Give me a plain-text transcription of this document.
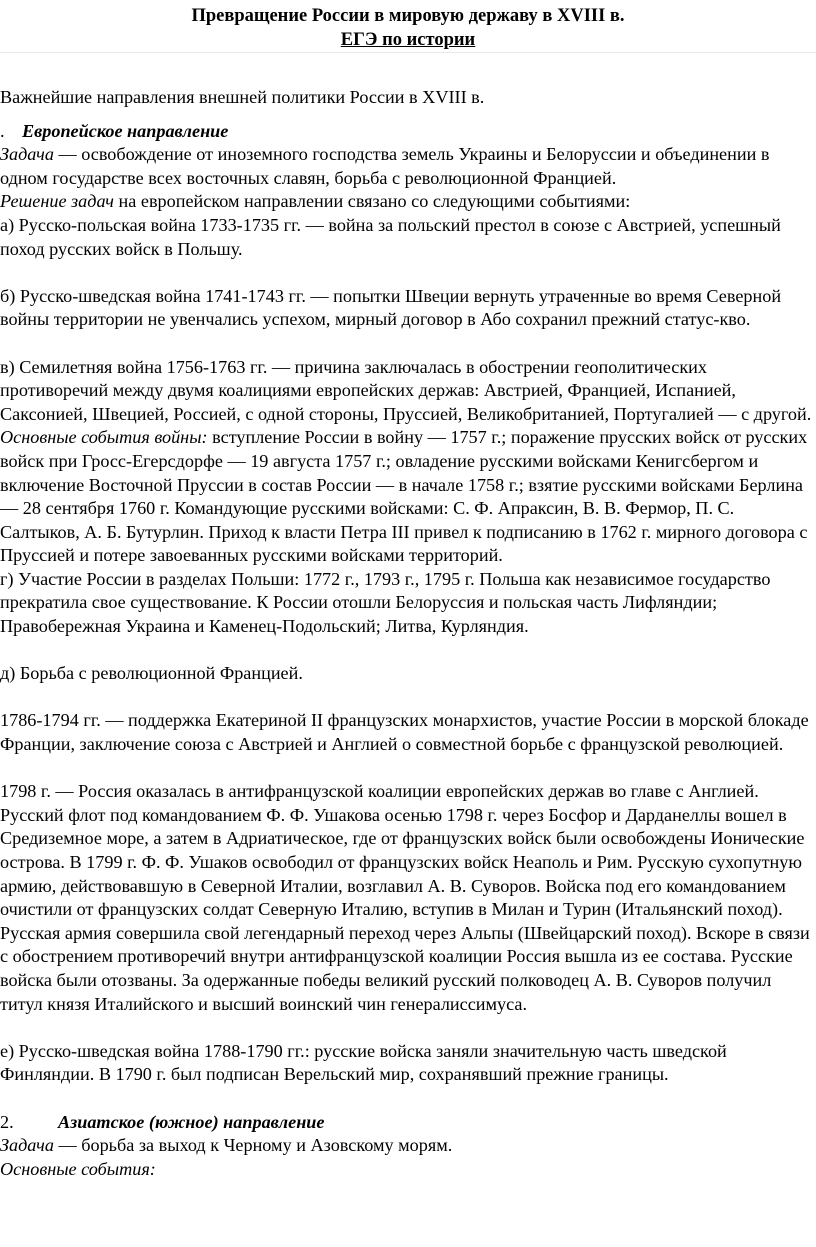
Превращение России в мировую державу в XVIII в.
ЕГЭ по истории

Важнейшие направления внешней политики России в XVIII в.

. Европейское направление

Задача — освобождение от иноземного господства земель Украины и Белоруссии и объединении в одном государстве всех восточных славян, борьба с революционной Францией.

Решение задач на европейском направлении связано со следующими событиями:

а) Русско-польская война 1733-1735 гг. — война за польский престол в союзе с Австрией, успешный поход русских войск в Польшу.

б) Русско-шведская война 1741-1743 гг. — попытки Швеции вернуть утраченные во время Северной войны территории не увенчались успехом, мирный договор в Або сохранил прежний статус-кво.

в) Семилетняя война 1756-1763 гг. — причина заключалась в обострении геополитических противоречий между двумя коалициями европейских держав: Австрией, Францией, Испанией, Саксонией, Швецией, Россией, с одной стороны, Пруссией, Великобританией, Португалией — с другой. Основные события войны: вступление России в войну — 1757 г.; поражение прусских войск от русских войск при Гросс-Егерсдорфе — 19 августа 1757 г.; овладение русскими войсками Кенигсбергом и включение Восточной Пруссии в состав России — в начале 1758 г.; взятие русскими войсками Берлина — 28 сентября 1760 г. Командующие русскими войсками: С. Ф. Апраксин, В. В. Фермор, П. С. Салтыков, А. Б. Бутурлин. Приход к власти Петра III привел к подписанию в 1762 г. мирного договора с Пруссией и потере завоеванных русскими войсками территорий.

г) Участие России в разделах Польши: 1772 г., 1793 г., 1795 г. Польша как независимое государство прекратила свое существование. К России отошли Белоруссия и польская часть Лифляндии; Правобережная Украина и Каменец-Подольский; Литва, Курляндия.

д) Борьба с революционной Францией.

1786-1794 гг. — поддержка Екатериной II французских монархистов, участие России в морской блокаде Франции, заключение союза с Австрией и Англией о совместной борьбе с французской революцией.

1798 г. — Россия оказалась в антифранцузской коалиции европейских держав во главе с Англией. Русский флот под командованием Ф. Ф. Ушакова осенью 1798 г. через Босфор и Дарданеллы вошел в Средиземное море, а затем в Адриатическое, где от французских войск были освобождены Ионические острова. В 1799 г. Ф. Ф. Ушаков освободил от французских войск Неаполь и Рим. Русскую сухопутную армию, действовавшую в Северной Италии, возглавил А. В. Суворов. Войска под его командованием очистили от французских солдат Северную Италию, вступив в Милан и Турин (Итальянский поход). Русская армия совершила свой легендарный переход через Альпы (Швейцарский поход). Вскоре в связи с обострением противоречий внутри антифранцузской коалиции Россия вышла из ее состава. Русские войска были отозваны. За одержанные победы великий русский полководец А. В. Суворов получил титул князя Италийского и высший воинский чин генералиссимуса.

е) Русско-шведская война 1788-1790 гг.: русские войска заняли значительную часть шведской Финляндии. В 1790 г. был подписан Верельский мир, сохранявший прежние границы.

2. Азиатское (южное) направление

Задача — борьба за выход к Черному и Азовскому морям.

Основные события:
